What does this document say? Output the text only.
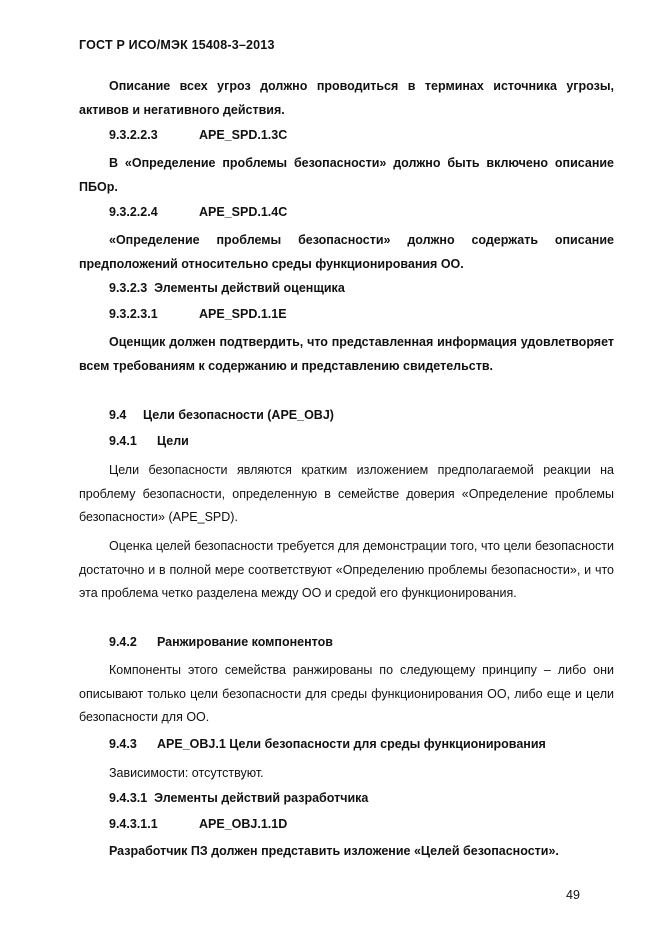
ГОСТ Р ИСО/МЭК 15408-3–2013
Описание всех угроз должно проводиться в терминах источника угрозы, активов и негативного действия.
9.3.2.2.3	APE_SPD.1.3C
В «Определение проблемы безопасности» должно быть включено описание ПБОр.
9.3.2.2.4	APE_SPD.1.4C
«Определение проблемы безопасности» должно содержать описание предположений относительно среды функционирования ОО.
9.3.2.3  Элементы действий оценщика
9.3.2.3.1	APE_SPD.1.1E
Оценщик должен подтвердить, что представленная информация удовлетворяет всем требованиям к содержанию и представлению свидетельств.
9.4 Цели безопасности (APE_OBJ)
9.4.1 Цели
Цели безопасности являются кратким изложением предполагаемой реакции на проблему безопасности, определенную в семействе доверия «Определение проблемы безопасности» (APE_SPD).
Оценка целей безопасности требуется для демонстрации того, что цели безопасности достаточно и в полной мере соответствуют «Определению проблемы безопасности», и что эта проблема четко разделена между ОО и средой его функционирования.
9.4.2 Ранжирование компонентов
Компоненты этого семейства ранжированы по следующему принципу – либо они описывают только цели безопасности для среды функционирования ОО, либо еще и цели безопасности для ОО.
9.4.3 APE_OBJ.1 Цели безопасности для среды функционирования
Зависимости: отсутствуют.
9.4.3.1  Элементы действий разработчика
9.4.3.1.1	APE_OBJ.1.1D
Разработчик ПЗ должен представить изложение «Целей безопасности».
49
